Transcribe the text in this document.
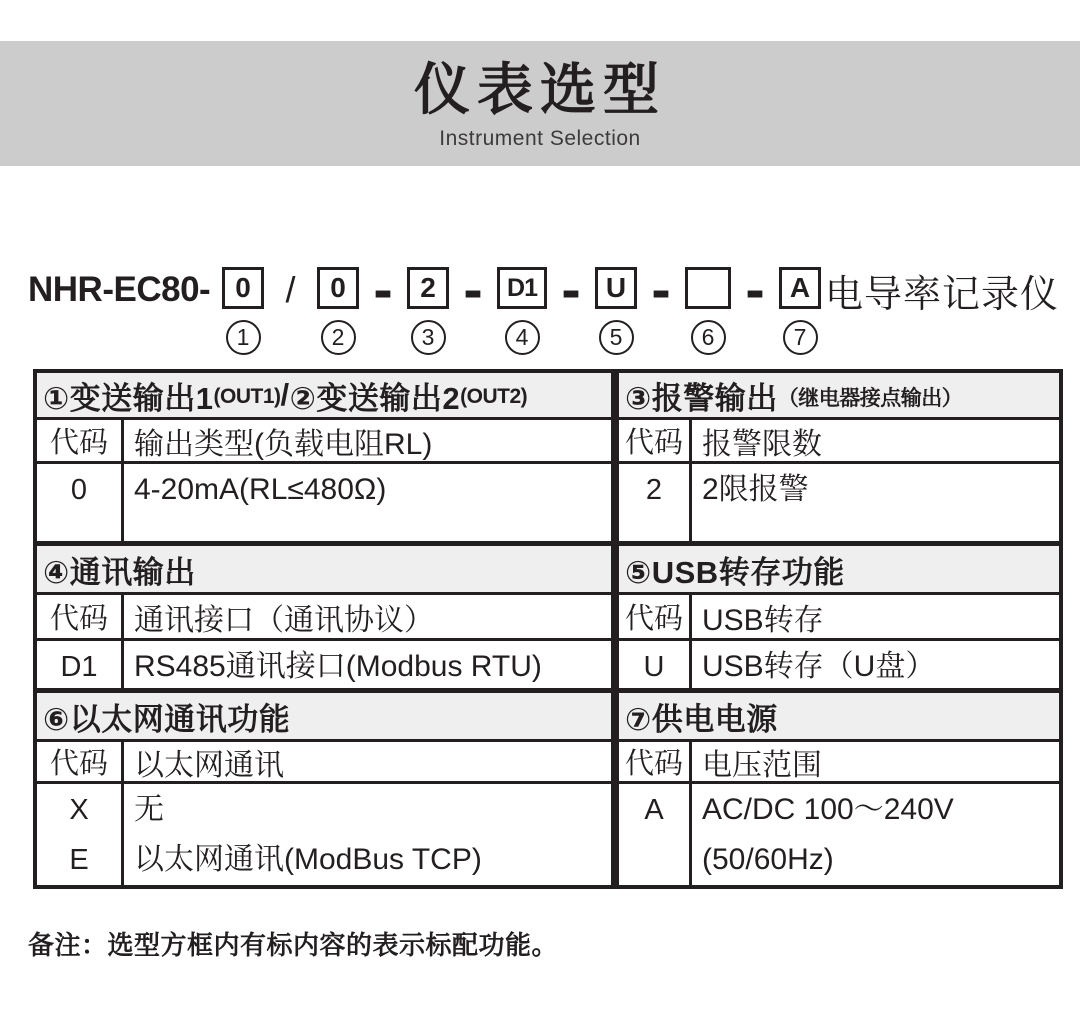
仪表选型
Instrument Selection
NHR-EC80- 0
1
/ 0
2
- 2
3
- D1
4
- U
5
-
6
- A
7
电导率记录仪
①变送输出1 (OUT1) / ②变送输出2 (OUT2)
代码 输出类型(负载电阻RL)
0 4-20mA(RL≤480Ω)
④通讯输出
代码 通讯接口（通讯协议）
D1 RS485通讯接口(Modbus RTU)
⑥以太网通讯功能
代码 以太网通讯
X
E
无
以太网通讯(ModBus TCP)
③报警输出 （继电器接点输出）
代码 报警限数
2 2限报警
⑤USB转存功能
代码 USB转存
U USB转存（U盘）
⑦供电电源
代码 电压范围
A AC/DC 100～240V
(50/60Hz)
备注：选型方框内有标内容的表示标配功能。
